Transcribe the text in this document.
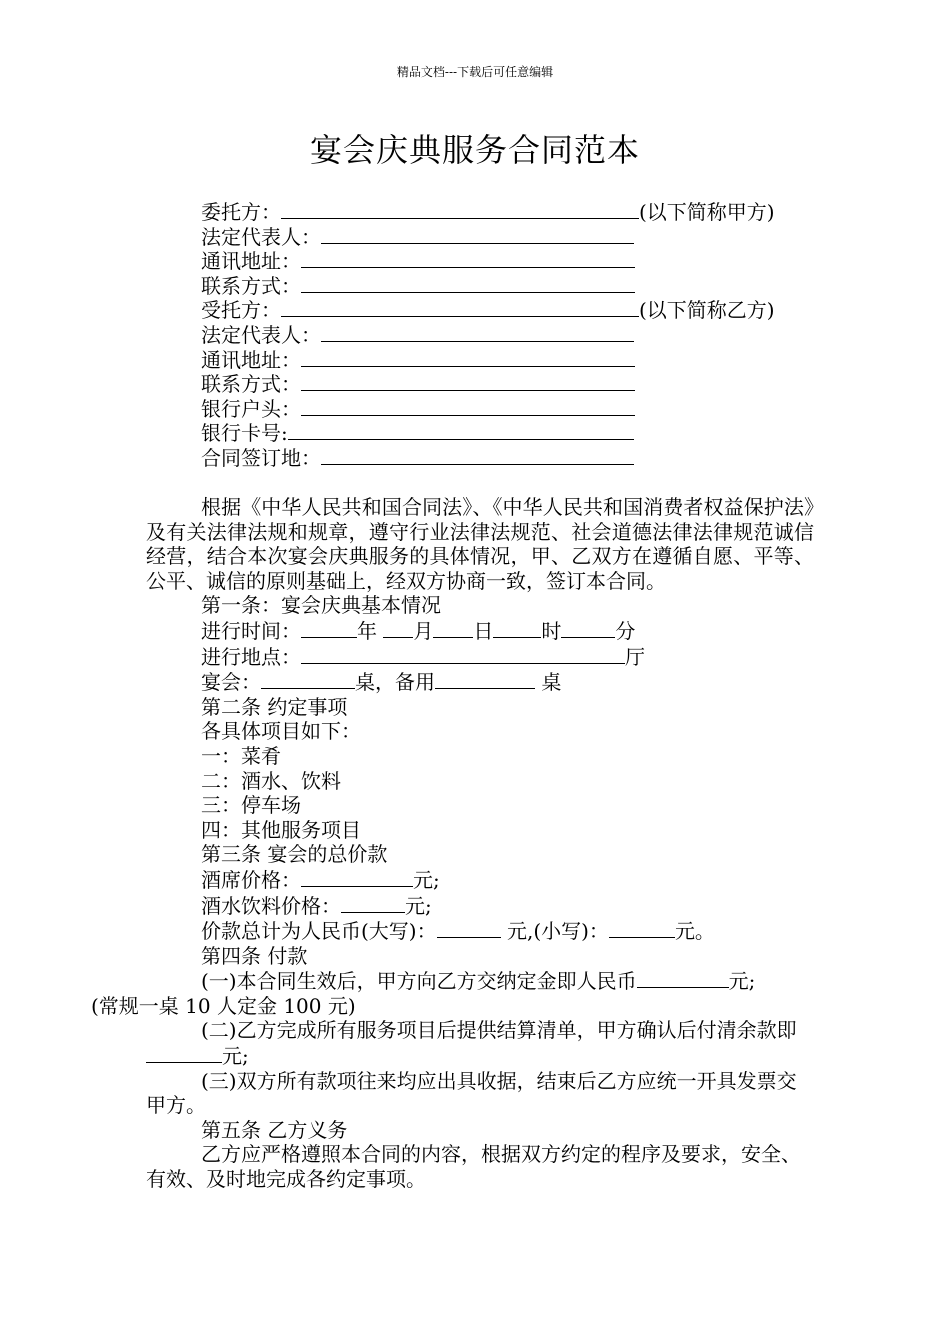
精品文档---下载后可任意编辑
宴会庆典服务合同范本
委托方：	(以下简称甲方)
法定代表人：
通讯地址：
联系方式：
受托方：	(以下简称乙方)
法定代表人：
通讯地址：
联系方式：
银行户头：
银行卡号:
合同签订地：

根据《中华人民共和国合同法》、《中华人民共和国消费者权益保护法》及有关法律法规和规章，遵守行业法律法规范、社会道德法律法律规范诚信经营，结合本次宴会庆典服务的具体情况，甲、乙双方在遵循自愿、平等、公平、诚信的原则基础上，经双方协商一致，签订本合同。

第一条：宴会庆典基本情况
进行时间：	年 月 日 时	分
进行地点：	厅
宴会：	桌，备用	桌
第二条 约定事项
各具体项目如下：
一：菜肴
二：酒水、饮料
三：停车场
四：其他服务项目
第三条 宴会的总价款
酒席价格：	元;
酒水饮料价格：	元;
价款总计为人民币(大写)：	元,(小写)：	元。
第四条 付款

(一)本合同生效后，甲方向乙方交纳定金即人民币	元;
(常规一桌 10 人定金 100 元)

(二)乙方完成所有服务项目后提供结算清单，甲方确认后付清余款即元;

(三)双方所有款项往来均应出具收据，结束后乙方应统一开具发票交甲方。

第五条 乙方义务

乙方应严格遵照本合同的内容，根据双方约定的程序及要求，安全、有效、及时地完成各约定事项。
